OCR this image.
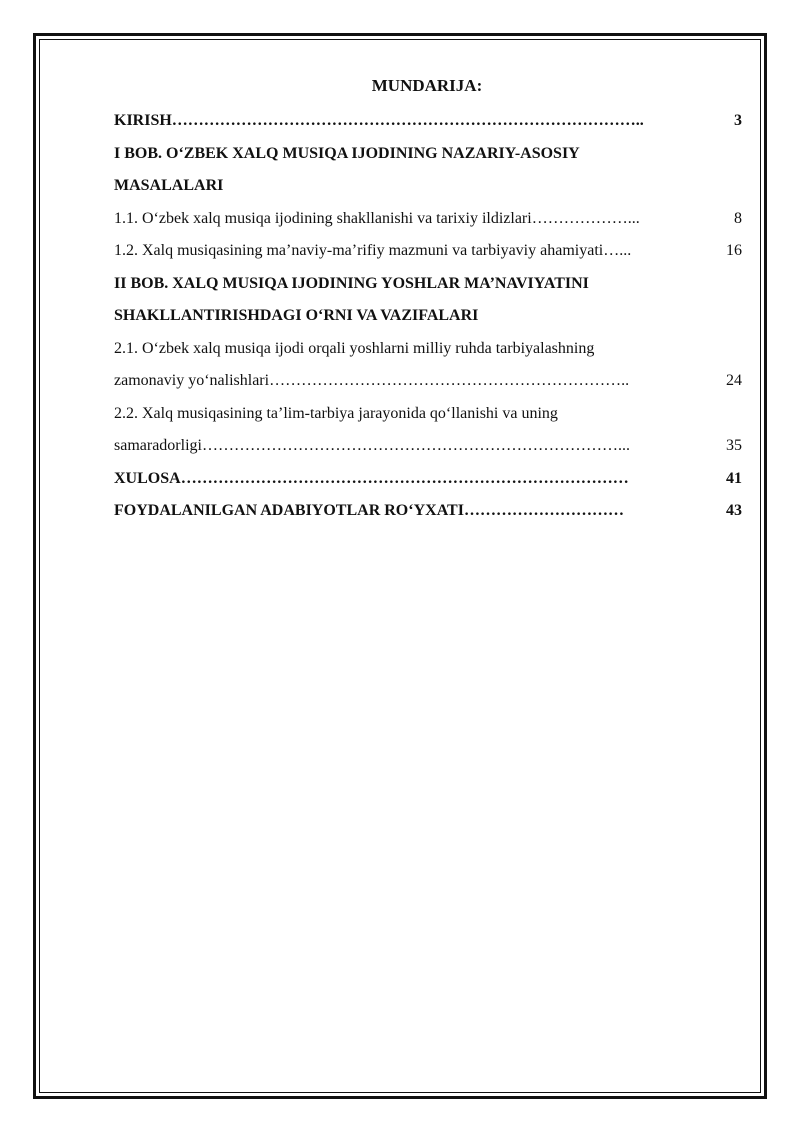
MUNDARIJA:
KIRISH ……………………………………………………………………………..	3
I BOB. O‘ZBEK XALQ MUSIQA IJODINING NAZARIY-ASOSIY
MASALALARI
1.1. O‘zbek xalq musiqa ijodining shakllanishi va tarixiy ildizlari ………………...	8
1.2. Xalq musiqasining ma’naviy-ma’rifiy mazmuni va tarbiyaviy ahamiyati …...	16
II BOB. XALQ MUSIQA IJODINING YOSHLAR MA’NAVIYATINI
SHAKLLANTIRISHDAGI O‘RNI VA VAZIFALARI
2.1. O‘zbek xalq musiqa ijodi orqali yoshlarni milliy ruhda tarbiyalashning
zamonaviy yo‘nalishlari …………………………………………………………..	24
2.2. Xalq musiqasining ta’lim-tarbiya jarayonida qo‘llanishi va uning
samaradorligi ……………………………………………………………………...	35
XULOSA …………………………………………………………………………	41
FOYDALANILGAN ADABIYOTLAR RO‘YXATI …………………………	43
